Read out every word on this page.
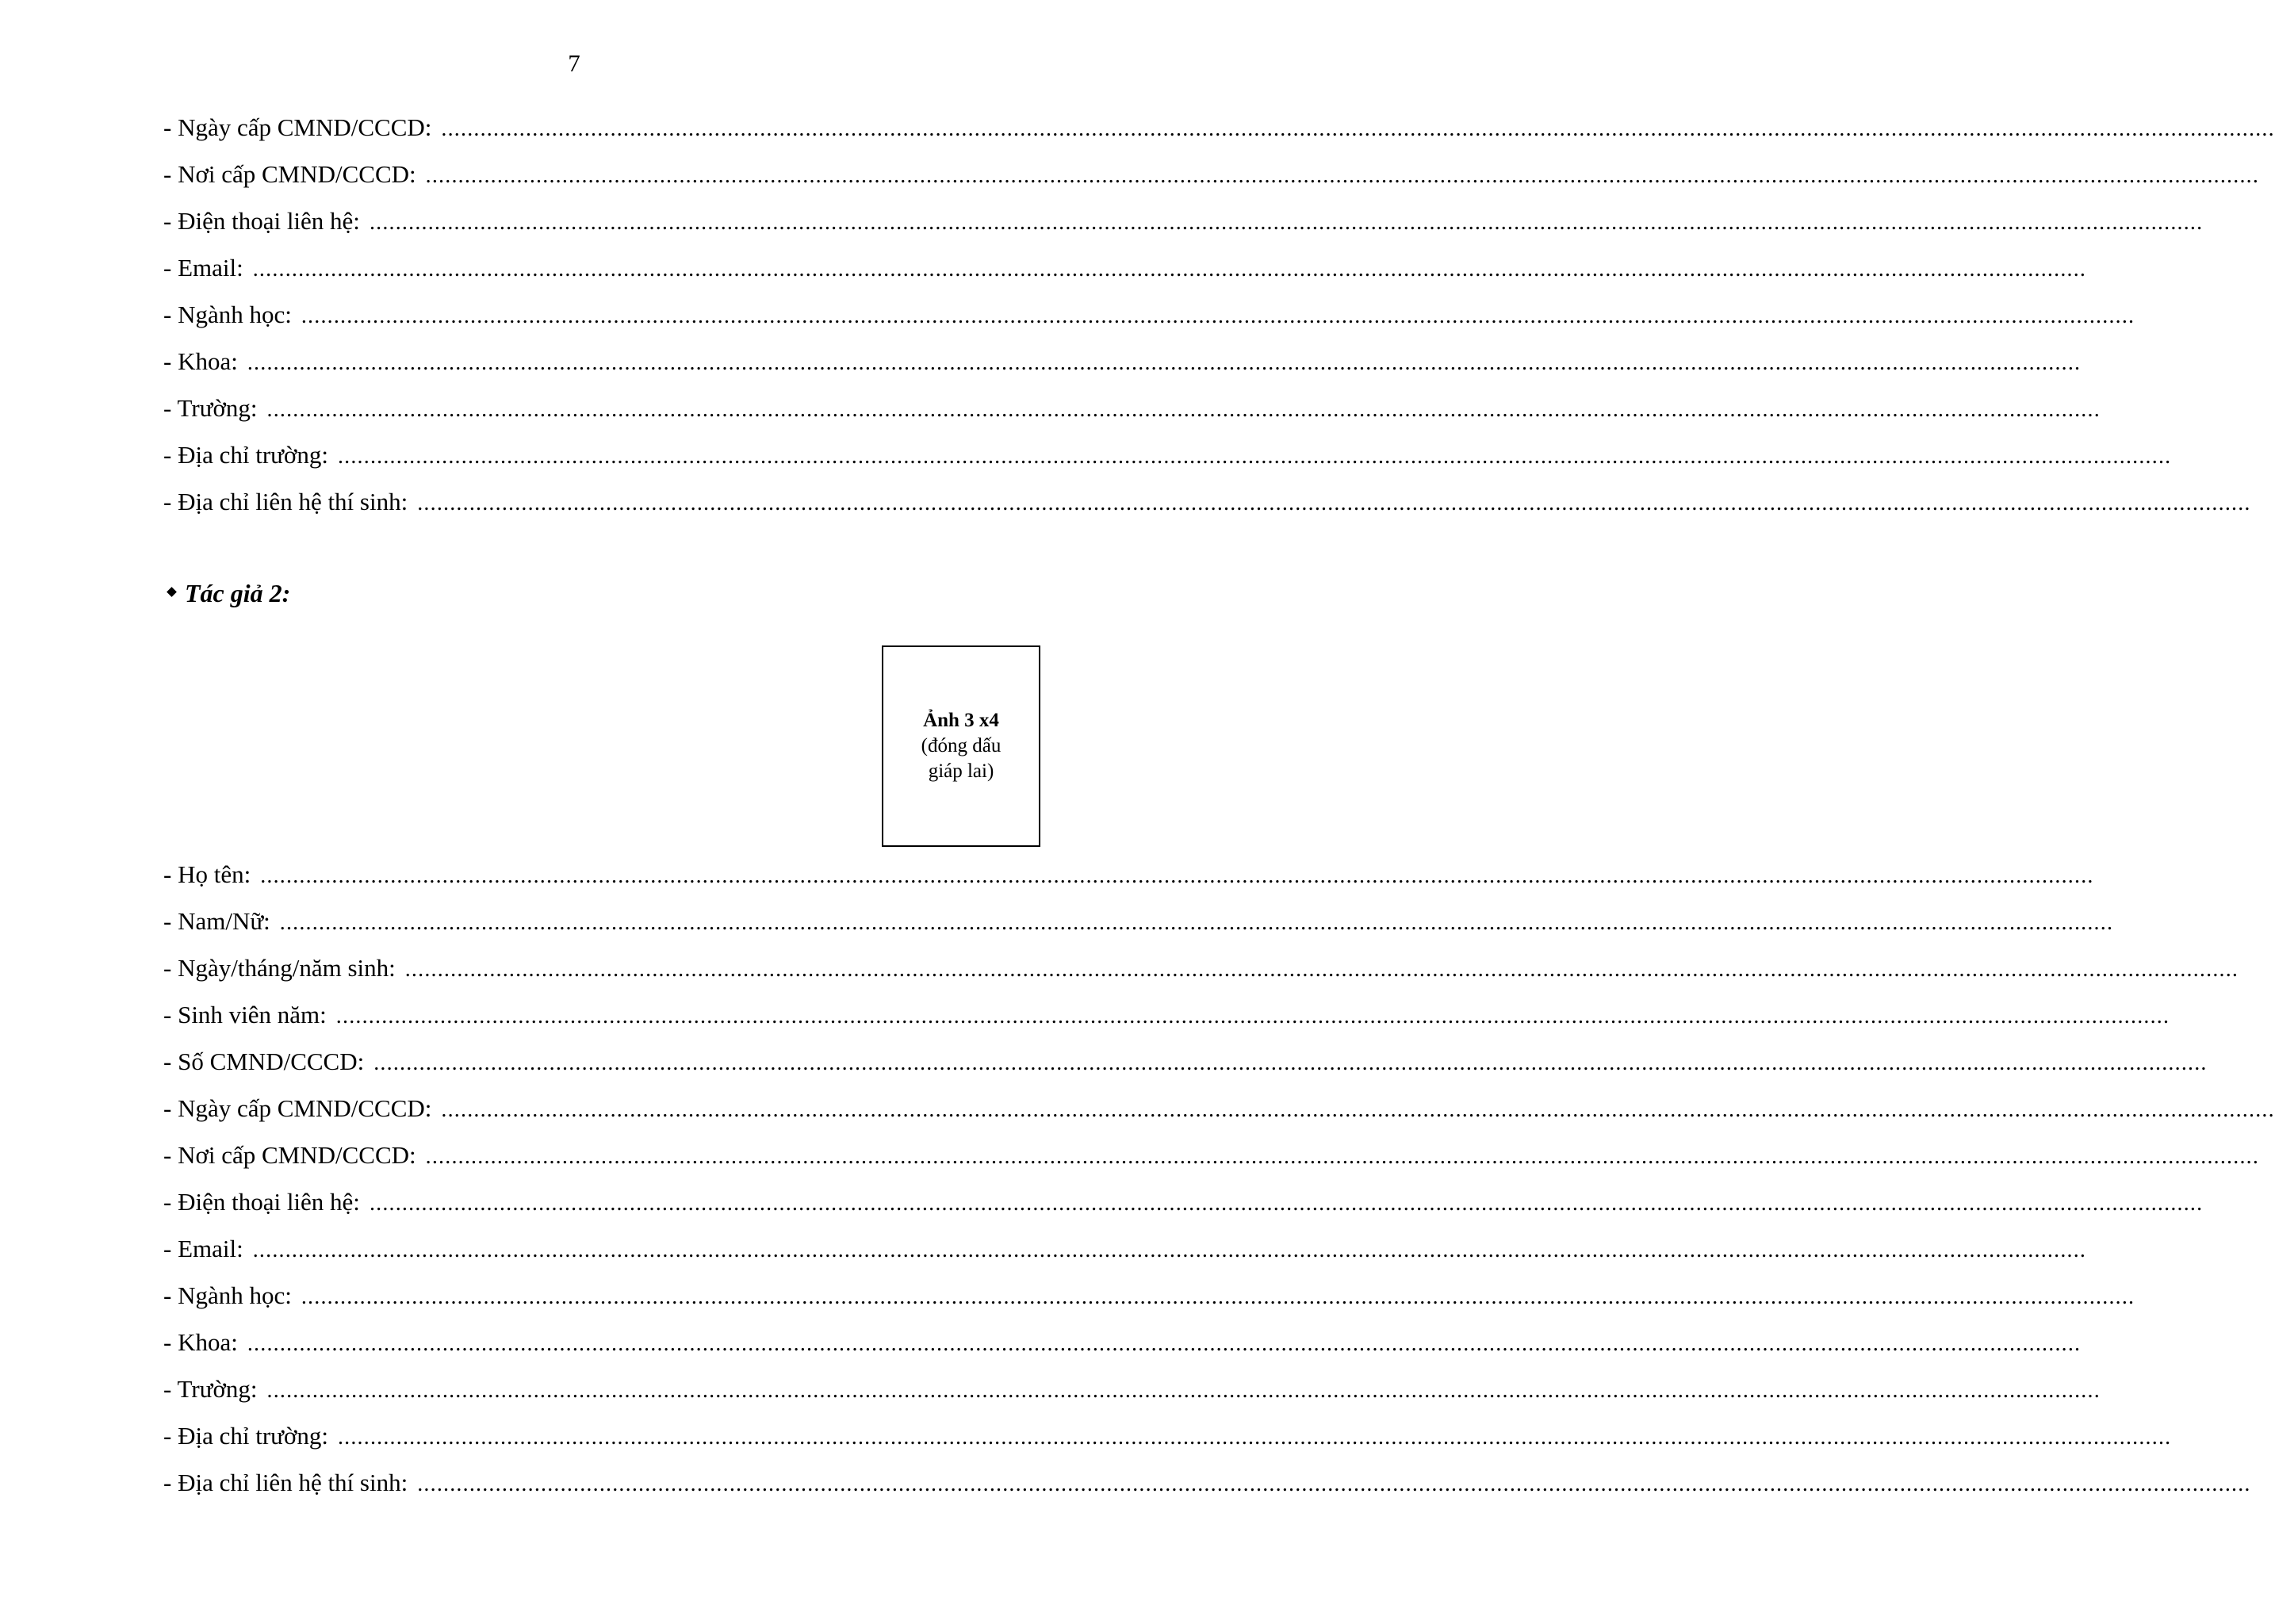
7
- Ngày cấp CMND/CCCD: ..........................................................................................................................................................................................................................................................................................
- Nơi cấp CMND/CCCD: ..........................................................................................................................................................................................................................................................................................
- Điện thoại liên hệ: ..........................................................................................................................................................................................................................................................................................
- Email: ..........................................................................................................................................................................................................................................................................................
- Ngành học: ..........................................................................................................................................................................................................................................................................................
- Khoa: ..........................................................................................................................................................................................................................................................................................
- Trường: ..........................................................................................................................................................................................................................................................................................
- Địa chỉ trường: ..........................................................................................................................................................................................................................................................................................
- Địa chỉ liên hệ thí sinh: ..........................................................................................................................................................................................................................................................................................
Tác giả 2:
Ảnh 3 x4
(đóng dấu
giáp lai)
- Họ tên: ..........................................................................................................................................................................................................................................................................................
- Nam/Nữ: ..........................................................................................................................................................................................................................................................................................
- Ngày/tháng/năm sinh: ..........................................................................................................................................................................................................................................................................................
- Sinh viên năm: ..........................................................................................................................................................................................................................................................................................
- Số CMND/CCCD: ..........................................................................................................................................................................................................................................................................................
- Ngày cấp CMND/CCCD: ..........................................................................................................................................................................................................................................................................................
- Nơi cấp CMND/CCCD: ..........................................................................................................................................................................................................................................................................................
- Điện thoại liên hệ: ..........................................................................................................................................................................................................................................................................................
- Email: ..........................................................................................................................................................................................................................................................................................
- Ngành học: ..........................................................................................................................................................................................................................................................................................
- Khoa: ..........................................................................................................................................................................................................................................................................................
- Trường: ..........................................................................................................................................................................................................................................................................................
- Địa chỉ trường: ..........................................................................................................................................................................................................................................................................................
- Địa chỉ liên hệ thí sinh: ..........................................................................................................................................................................................................................................................................................
